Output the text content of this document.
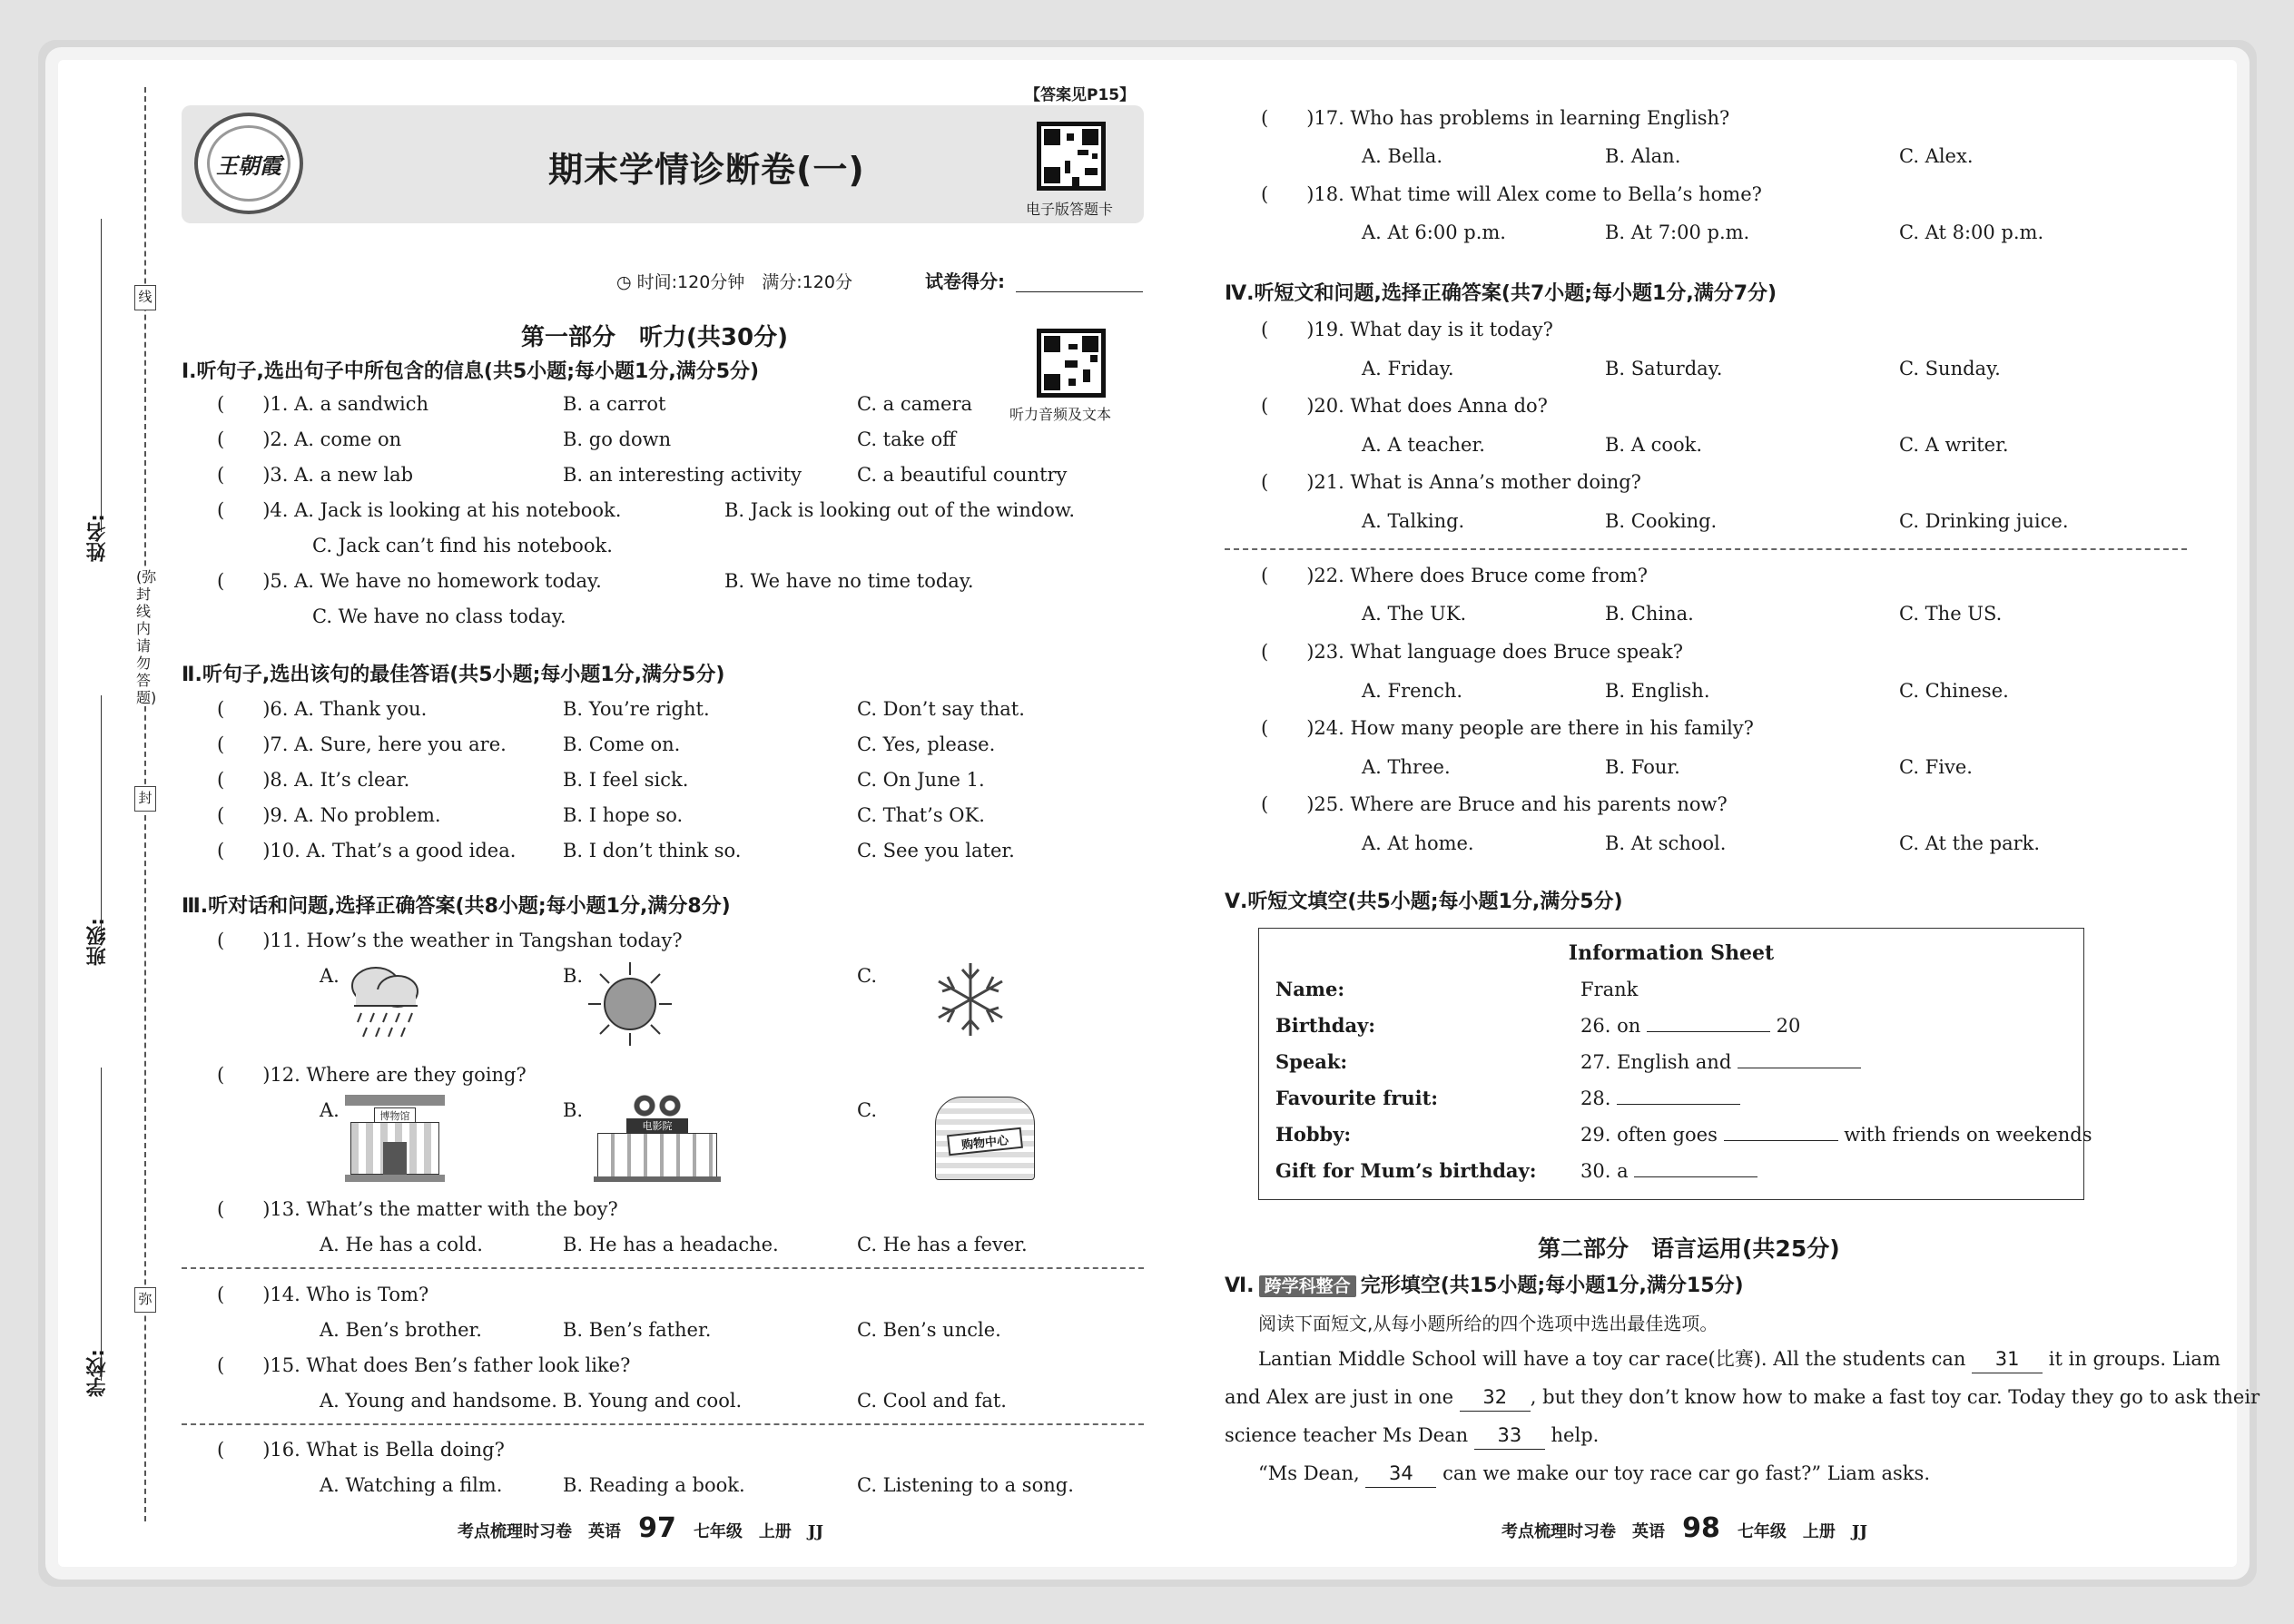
线
封
弥
(弥封线内请勿答题)
姓名:
班级:
学校:
【答案见P15】
王朝霞	期末学情诊断卷(一)
电子版答题卡
◷ 时间:120分钟　满分:120分	试卷得分:
第一部分　听力(共30分)
听力音频及文本
Ⅰ.听句子,选出句子中所包含的信息(共5小题;每小题1分,满分5分)
(　　)1. A. a sandwich	B. a carrot	C. a camera
(　　)2. A. come on	B. go down	C. take off
(　　)3. A. a new lab	B. an interesting activity	C. a beautiful country
(　　)4. A. Jack is looking at his notebook.	B. Jack is looking out of the window.
C. Jack can’t find his notebook.
(　　)5. A. We have no homework today.	B. We have no time today.
C. We have no class today.
Ⅱ.听句子,选出该句的最佳答语(共5小题;每小题1分,满分5分)
(　　)6. A. Thank you.	B. You’re right.	C. Don’t say that.
(　　)7. A. Sure, here you are.	B. Come on.	C. Yes, please.
(　　)8. A. It’s clear.	B. I feel sick.	C. On June 1.
(　　)9. A. No problem.	B. I hope so.	C. That’s OK.
(　　)10. A. That’s a good idea. B. I don’t think so.	C. See you later.
Ⅲ.听对话和问题,选择正确答案(共8小题;每小题1分,满分8分)
(　　)11. How’s the weather in Tangshan today?
A.	B.	C.
(　　)12. Where are they going?
A.	B.	C.
博物馆
电影院
购物中心
(　　)13. What’s the matter with the boy?
A. He has a cold.	B. He has a headache.	C. He has a fever.
(　　)14. Who is Tom?
A. Ben’s brother.	B. Ben’s father.	C. Ben’s uncle.
(　　)15. What does Ben’s father look like?
A. Young and handsome. B. Young and cool.	C. Cool and fat.
(　　)16. What is Bella doing?
A. Watching a film.	B. Reading a book.	C. Listening to a song.
考点梳理时习卷　英语 97 七年级　上册　JJ
(　　)17. Who has problems in learning English?
A. Bella.	B. Alan.	C. Alex.
(　　)18. What time will Alex come to Bella’s home?
A. At 6:00 p.m.	B. At 7:00 p.m.	C. At 8:00 p.m.
Ⅳ.听短文和问题,选择正确答案(共7小题;每小题1分,满分7分)
(　　)19. What day is it today?
A. Friday.	B. Saturday.	C. Sunday.
(　　)20. What does Anna do?
A. A teacher.	B. A cook.	C. A writer.
(　　)21. What is Anna’s mother doing?
A. Talking.	B. Cooking.	C. Drinking juice.
(　　)22. Where does Bruce come from?
A. The UK.	B. China.	C. The US.
(　　)23. What language does Bruce speak?
A. French.	B. English.	C. Chinese.
(　　)24. How many people are there in his family?
A. Three.	B. Four.	C. Five.
(　　)25. Where are Bruce and his parents now?
A. At home.	B. At school.	C. At the park.
Ⅴ.听短文填空(共5小题;每小题1分,满分5分)
Information Sheet
Name:	Frank
Birthday:	26. on	20
Speak:	27. English and
Favourite fruit:	28.
Hobby:	29. often goes	with friends on weekends
Gift for Mum’s birthday: 30. a
第二部分　语言运用(共25分)
Ⅵ. 跨学科整合 完形填空(共15小题;每小题1分,满分15分)
阅读下面短文,从每小题所给的四个选项中选出最佳选项。
Lantian Middle School will have a toy car race(比赛). All the students can 31 it in groups. Liam
and Alex are just in one 32 , but they don’t know how to make a fast toy car. Today they go to ask their
science teacher Ms Dean 33 help.
“Ms Dean, 34 can we make our toy race car go fast?” Liam asks.
考点梳理时习卷　英语 98 七年级　上册　JJ
